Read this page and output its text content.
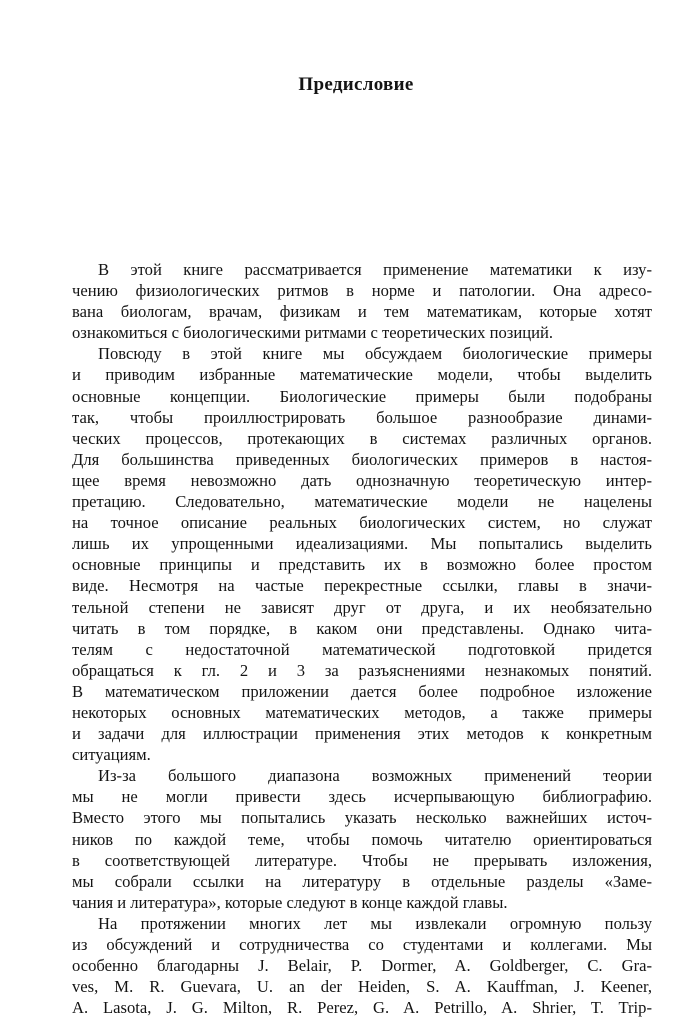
Предисловие
В этой книге рассматривается применение математики к изу-
чению физиологических ритмов в норме и патологии. Она адресо-
вана биологам, врачам, физикам и тем математикам, которые хотят
ознакомиться с биологическими ритмами с теоретических позиций.
Повсюду в этой книге мы обсуждаем биологические примеры
и приводим избранные математические модели, чтобы выделить
основные концепции. Биологические примеры были подобраны
так, чтобы проиллюстрировать большое разнообразие динами-
ческих процессов, протекающих в системах различных органов.
Для большинства приведенных биологических примеров в настоя-
щее время невозможно дать однозначную теоретическую интер-
претацию. Следовательно, математические модели не нацелены
на точное описание реальных биологических систем, но служат
лишь их упрощенными идеализациями. Мы попытались выделить
основные принципы и представить их в возможно более простом
виде. Несмотря на частые перекрестные ссылки, главы в значи-
тельной степени не зависят друг от друга, и их необязательно
читать в том порядке, в каком они представлены. Однако чита-
телям с недостаточной математической подготовкой придется
обращаться к гл. 2 и 3 за разъяснениями незнакомых понятий.
В математическом приложении дается более подробное изложение
некоторых основных математических методов, а также примеры
и задачи для иллюстрации применения этих методов к конкретным
ситуациям.
Из-за большого диапазона возможных применений теории
мы не могли привести здесь исчерпывающую библиографию.
Вместо этого мы попытались указать несколько важнейших источ-
ников по каждой теме, чтобы помочь читателю ориентироваться
в соответствующей литературе. Чтобы не прерывать изложения,
мы собрали ссылки на литературу в отдельные разделы «Заме-
чания и литература», которые следуют в конце каждой главы.
На протяжении многих лет мы извлекали огромную пользу
из обсуждений и сотрудничества со студентами и коллегами. Мы
особенно благодарны J. Belair, P. Dormer, A. Goldberger, C. Gra-
ves, M. R. Guevara, U. an der Heiden, S. A. Kauffman, J. Keener,
A. Lasota, J. G. Milton, R. Perez, G. A. Petrillo, A. Shrier, T. Trip-
